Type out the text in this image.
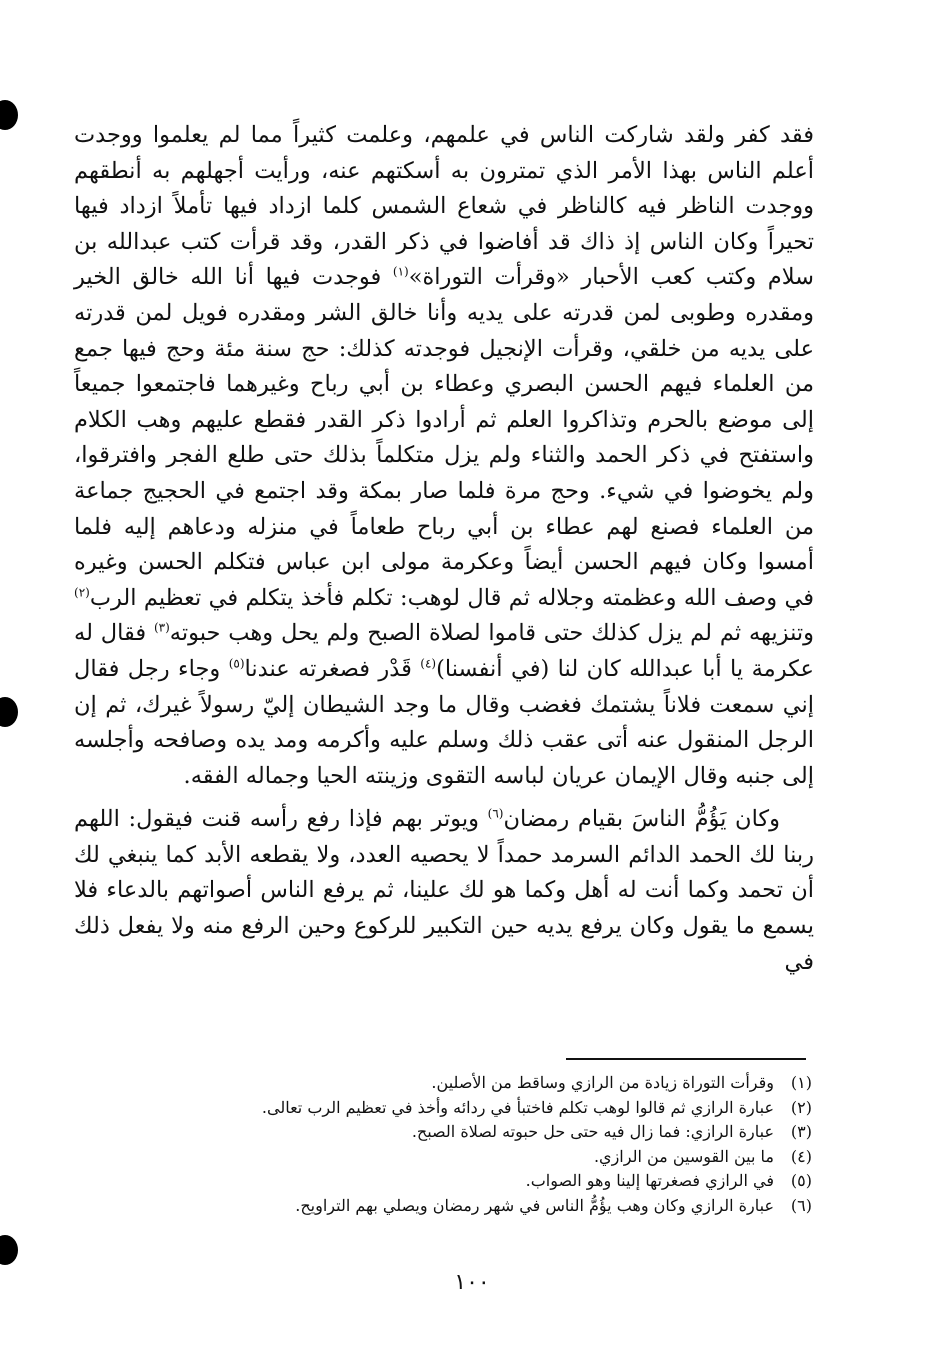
فقد كفر ولقد شاركت الناس في علمهم، وعلمت كثيراً مما لم يعلموا ووجدت أعلم الناس بهذا الأمر الذي تمترون به أسكتهم عنه، ورأيت أجهلهم به أنطقهم ووجدت الناظر فيه كالناظر في شعاع الشمس كلما ازداد فيها تأملاً ازداد فيها تحيراً وكان الناس إذ ذاك قد أفاضوا في ذكر القدر، وقد قرأت كتب عبدالله بن سلام وكتب كعب الأحبار «وقرأت التوراة»$^{(١)}$ فوجدت فيها أنا الله خالق الخير ومقدره وطوبى لمن قدرته على يديه وأنا خالق الشر ومقدره فويل لمن قدرته على يديه من خلقي، وقرأت الإنجيل فوجدته كذلك: حج سنة مئة وحج فيها جمع من العلماء فيهم الحسن البصري وعطاء بن أبي رباح وغيرهما فاجتمعوا جميعاً إلى موضع بالحرم وتذاكروا العلم ثم أرادوا ذكر القدر فقطع عليهم وهب الكلام واستفتح في ذكر الحمد والثناء ولم يزل متكلماً بذلك حتى طلع الفجر وافترقوا، ولم يخوضوا في شيء. وحج مرة فلما صار بمكة وقد اجتمع في الحجيج جماعة من العلماء فصنع لهم عطاء بن أبي رباح طعاماً في منزله ودعاهم إليه فلما أمسوا وكان فيهم الحسن أيضاً وعكرمة مولى ابن عباس فتكلم الحسن وغيره في وصف الله وعظمته وجلاله ثم قال لوهب: تكلم فأخذ يتكلم في تعظيم الرب$^{(٢)}$ وتنزيهه ثم لم يزل كذلك حتى قاموا لصلاة الصبح ولم يحل وهب حبوته$^{(٣)}$ فقال له عكرمة يا أبا عبدالله كان لنا (في أنفسنا)$^{(٤)}$ قَدْر فصغرته عندنا$^{(٥)}$ وجاء رجل فقال إني سمعت فلاناً يشتمك فغضب وقال ما وجد الشيطان إليّ رسولاً غيرك، ثم إن الرجل المنقول عنه أتى عقب ذلك وسلم عليه وأكرمه ومد يده وصافحه وأجلسه إلى جنبه وقال الإيمان عريان لباسه التقوى وزينته الحيا وجماله الفقه.

وكان يَؤُمُّ الناسَ بقيام رمضان$^{(٦)}$ ويوتر بهم فإذا رفع رأسه قنت فيقول: اللهم ربنا لك الحمد الدائم السرمد حمداً لا يحصيه العدد، ولا يقطعه الأبد كما ينبغي لك أن تحمد وكما أنت له أهل وكما هو لك علينا، ثم يرفع الناس أصواتهم بالدعاء فلا يسمع ما يقول وكان يرفع يديه حين التكبير للركوع وحين الرفع منه ولا يفعل ذلك في

(١)وقرأت التوراة زيادة من الرازي وساقط من الأصلين.
(٢)عبارة الرازي ثم قالوا لوهب تكلم فاختبأ في ردائه وأخذ في تعظيم الرب تعالى.
(٣)عبارة الرازي: فما زال فيه حتى حل حبوته لصلاة الصبح.
(٤)ما بين القوسين من الرازي.
(٥)في الرازي فصغرتها إلينا وهو الصواب.
(٦)عبارة الرازي وكان وهب يؤُمُّ الناس في شهر رمضان ويصلي بهم التراويح.
١٠٠
